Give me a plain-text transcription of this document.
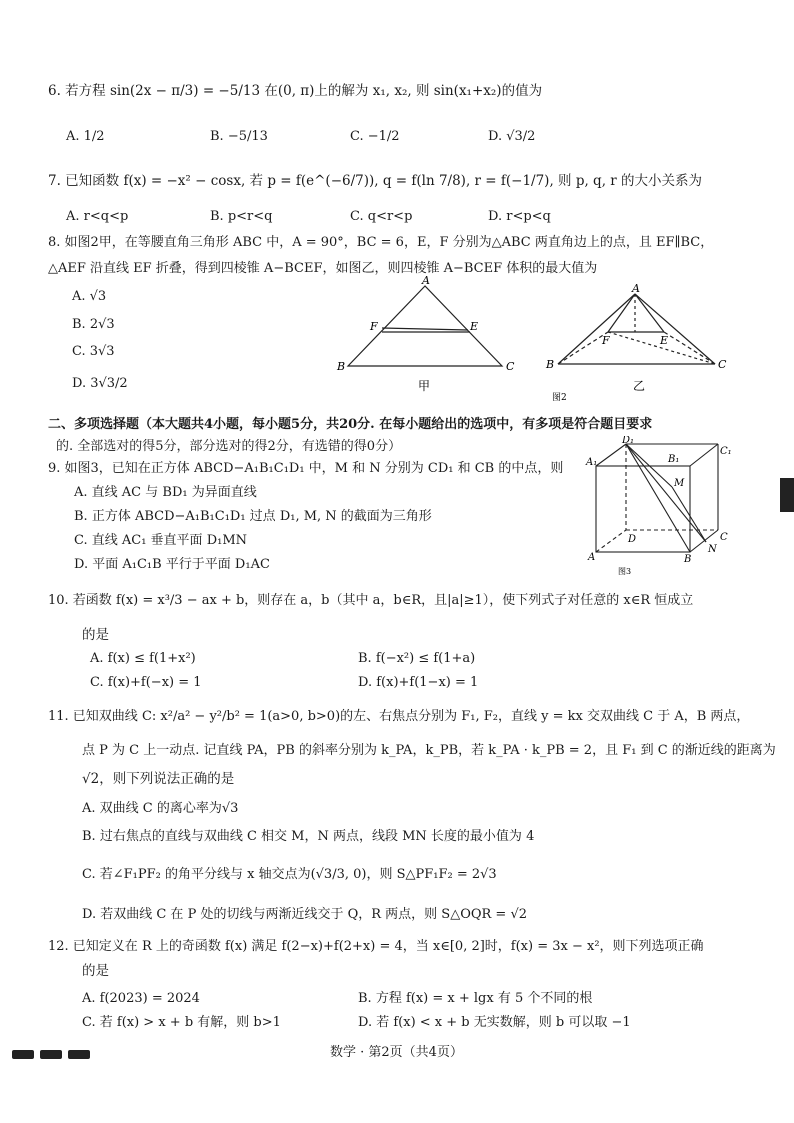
6. 若方程 sin(2x − π/3) = −5/13 在(0, π)上的解为 x₁, x₂, 则 sin(x₁+x₂)的值为
A. 1/2	B. −5/13	C. −1/2	D. √3/2
7. 已知函数 f(x) = −x² − cosx, 若 p = f(e^(−6/7)), q = f(ln 7/8), r = f(−1/7), 则 p, q, r 的大小关系为
A. r<q<p	B. p<r<q	C. q<r<p	D. r<p<q
8. 如图2甲，在等腰直角三角形 ABC 中，A = 90°，BC = 6，E，F 分别为△ABC 两直角边上的点，且 EF∥BC，
△AEF 沿直线 EF 折叠，得到四棱锥 A−BCEF，如图乙，则四棱锥 A−BCEF 体积的最大值为
A. √3
B. 2√3
C. 3√3
D. 3√3/2
A
F	E
B	C
甲
A
F	E
B	C
乙
图2
二、多项选择题（本大题共4小题，每小题5分，共20分. 在每小题给出的选项中，有多项是符合题目要求
的. 全部选对的得5分，部分选对的得2分，有选错的得0分）
9. 如图3，已知在正方体 ABCD−A₁B₁C₁D₁ 中，M 和 N 分别为 CD₁ 和 CB 的中点，则
A. 直线 AC 与 BD₁ 为异面直线
B. 正方体 ABCD−A₁B₁C₁D₁ 过点 D₁, M, N 的截面为三角形
C. 直线 AC₁ 垂直平面 D₁MN
D. 平面 A₁C₁B 平行于平面 D₁AC
D₁
A₁	B₁
C₁
M
D	C
N
A	B
图3
10. 若函数 f(x) = x³/3 − ax + b，则存在 a，b（其中 a，b∈R，且|a|≥1），使下列式子对任意的 x∈R 恒成立
的是
A. f(x) ≤ f(1+x²)	B. f(−x²) ≤ f(1+a)
C. f(x)+f(−x) = 1	D. f(x)+f(1−x) = 1
11. 已知双曲线 C: x²/a² − y²/b² = 1(a>0, b>0)的左、右焦点分别为 F₁, F₂，直线 y = kx 交双曲线 C 于 A，B 两点，
点 P 为 C 上一动点. 记直线 PA，PB 的斜率分别为 k_PA，k_PB，若 k_PA · k_PB = 2，且 F₁ 到 C 的渐近线的距离为
√2，则下列说法正确的是
A. 双曲线 C 的离心率为√3
B. 过右焦点的直线与双曲线 C 相交 M，N 两点，线段 MN 长度的最小值为 4
C. 若∠F₁PF₂ 的角平分线与 x 轴交点为(√3/3, 0)，则 S△PF₁F₂ = 2√3
D. 若双曲线 C 在 P 处的切线与两渐近线交于 Q，R 两点，则 S△OQR = √2
12. 已知定义在 R 上的奇函数 f(x) 满足 f(2−x)+f(2+x) = 4，当 x∈[0, 2]时，f(x) = 3x − x²，则下列选项正确
的是
A. f(2023) = 2024	B. 方程 f(x) = x + lgx 有 5 个不同的根
C. 若 f(x) > x + b 有解，则 b>1	D. 若 f(x) < x + b 无实数解，则 b 可以取 −1
数学 · 第2页（共4页）
